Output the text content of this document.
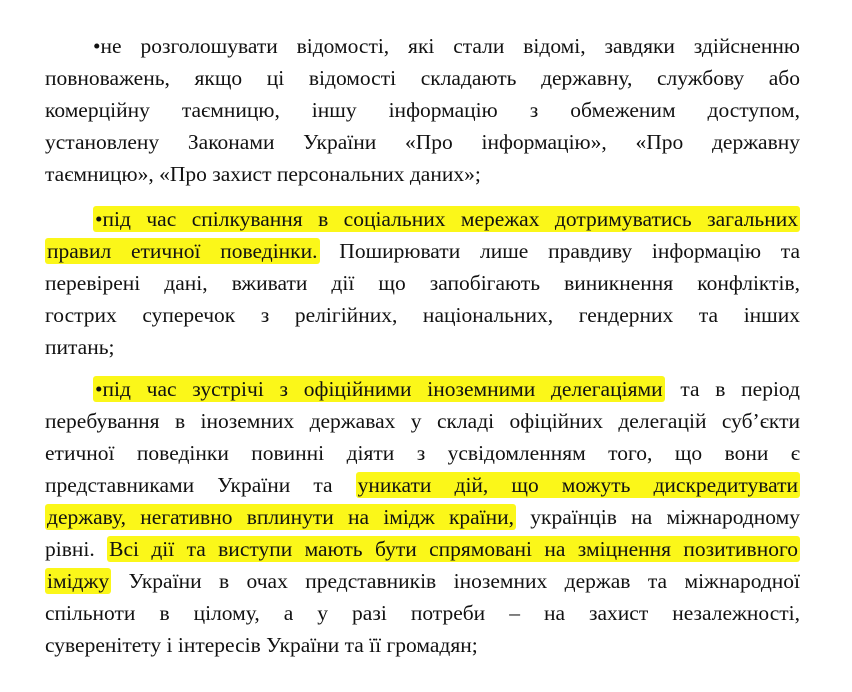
•не розголошувати відомості, які стали відомі, завдяки здійсненню
повноважень, якщо ці відомості складають державну, службову або
комерційну таємницю, іншу інформацію з обмеженим доступом,
установлену Законами України «Про інформацію», «Про державну
таємницю», «Про захист персональних даних»;
•під час спілкування в соціальних мережах дотримуватись загальних
правил етичної поведінки. Поширювати лише правдиву інформацію та
перевірені дані, вживати дії що запобігають виникнення конфліктів,
гострих суперечок з релігійних, національних, гендерних та інших
питань;
•під час зустрічі з офіційними іноземними делегаціями та в період
перебування в іноземних державах у складі офіційних делегацій суб’єкти
етичної поведінки повинні діяти з усвідомленням того, що вони є
представниками України та уникати дій, що можуть дискредитувати
державу, негативно вплинути на імідж країни, українців на міжнародному
рівні. Всі дії та виступи мають бути спрямовані на зміцнення позитивного
іміджу України в очах представників іноземних держав та міжнародної
спільноти в цілому, а у разі потреби – на захист незалежності,
суверенітету і інтересів України та її громадян;
